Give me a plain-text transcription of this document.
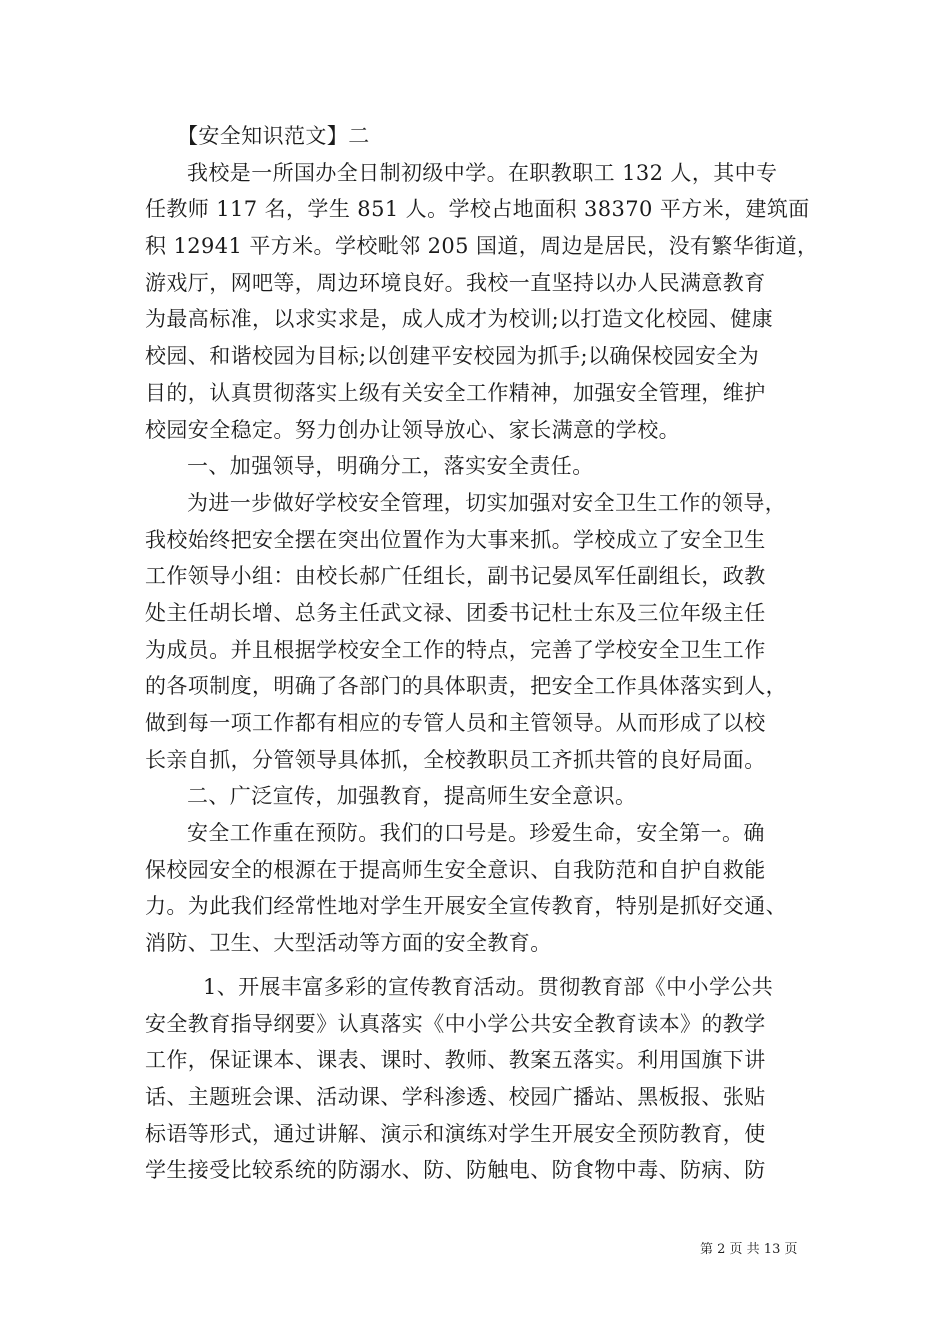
【安全知识范文】二
我校是一所国办全日制初级中学。在职教职工 132 人，其中专
任教师 117 名，学生 851 人。学校占地面积 38370 平方米，建筑面
积 12941 平方米。学校毗邻 205 国道，周边是居民，没有繁华街道，
游戏厅，网吧等，周边环境良好。我校一直坚持以办人民满意教育
为最高标准，以求实求是，成人成才为校训;以打造文化校园、健康
校园、和谐校园为目标;以创建平安校园为抓手;以确保校园安全为
目的，认真贯彻落实上级有关安全工作精神，加强安全管理，维护
校园安全稳定。努力创办让领导放心、家长满意的学校。
一、加强领导，明确分工，落实安全责任。
为进一步做好学校安全管理，切实加强对安全卫生工作的领导，
我校始终把安全摆在突出位置作为大事来抓。学校成立了安全卫生
工作领导小组：由校长郝广任组长，副书记晏凤军任副组长，政教
处主任胡长增、总务主任武文禄、团委书记杜士东及三位年级主任
为成员。并且根据学校安全工作的特点，完善了学校安全卫生工作
的各项制度，明确了各部门的具体职责，把安全工作具体落实到人，
做到每一项工作都有相应的专管人员和主管领导。从而形成了以校
长亲自抓，分管领导具体抓，全校教职员工齐抓共管的良好局面。
二、广泛宣传，加强教育，提高师生安全意识。
安全工作重在预防。我们的口号是。珍爱生命，安全第一。确
保校园安全的根源在于提高师生安全意识、自我防范和自护自救能
力。为此我们经常性地对学生开展安全宣传教育，特别是抓好交通、
消防、卫生、大型活动等方面的安全教育。
1、开展丰富多彩的宣传教育活动。贯彻教育部《中小学公共
安全教育指导纲要》认真落实《中小学公共安全教育读本》的教学
工作，保证课本、课表、课时、教师、教案五落实。利用国旗下讲
话、主题班会课、活动课、学科渗透、校园广播站、黑板报、张贴
标语等形式，通过讲解、演示和演练对学生开展安全预防教育，使
学生接受比较系统的防溺水、防、防触电、防食物中毒、防病、防
第 2 页 共 13 页
